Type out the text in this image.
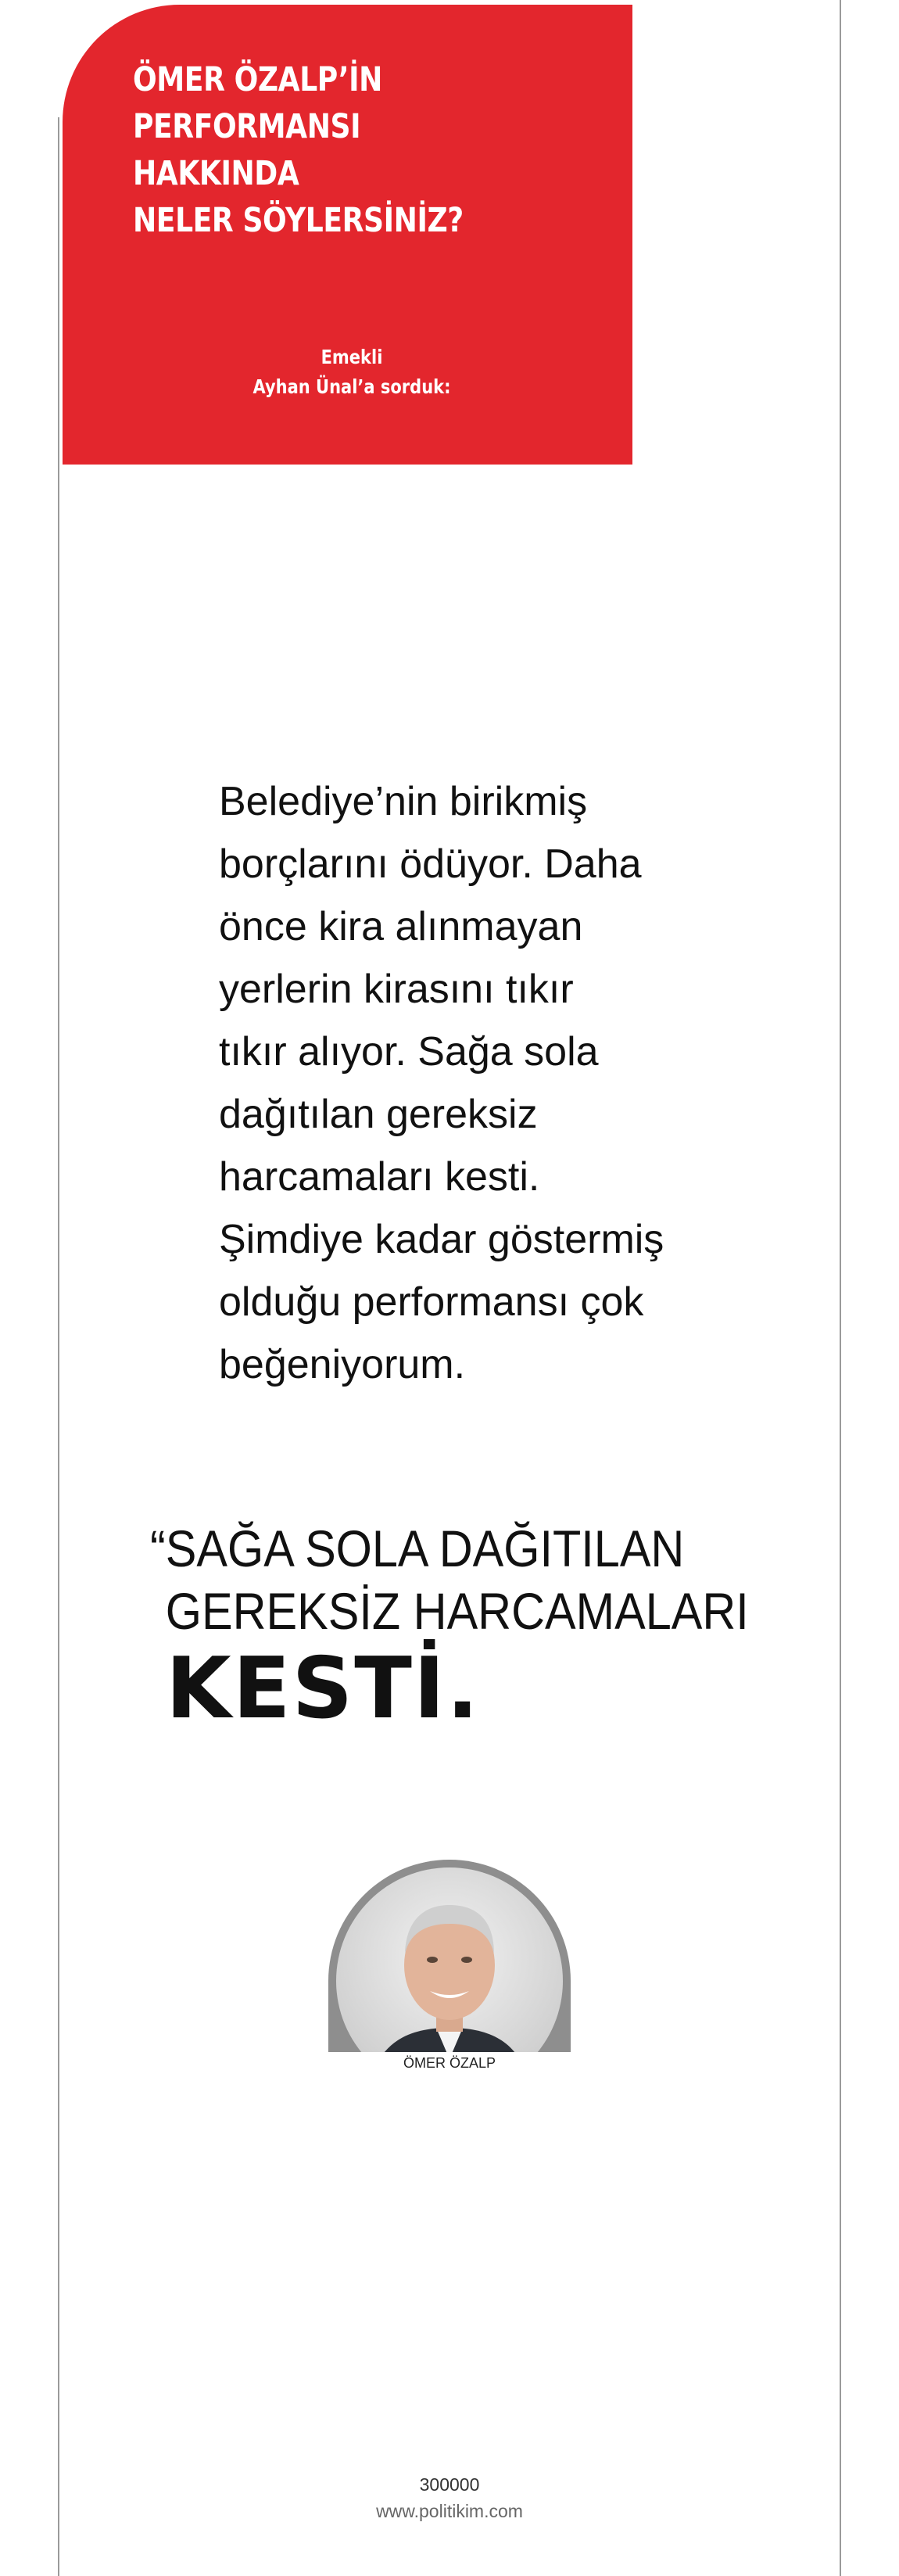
ÖMER ÖZALP’İN
PERFORMANSI
HAKKINDA
NELER SÖYLERSİNİZ?
Emekli
Ayhan Ünal’a sorduk:
Belediye’nin birikmiş
borçlarını ödüyor. Daha
önce kira alınmayan
yerlerin kirasını tıkır
tıkır alıyor. Sağa sola
dağıtılan gereksiz
harcamaları kesti.
Şimdiye kadar göstermiş
olduğu performansı çok
beğeniyorum.
“SAĞA SOLA DAĞITILAN
GEREKSİZ HARCAMALARI
KESTİ.
ÖMER ÖZALP
300000
www.politikim.com
